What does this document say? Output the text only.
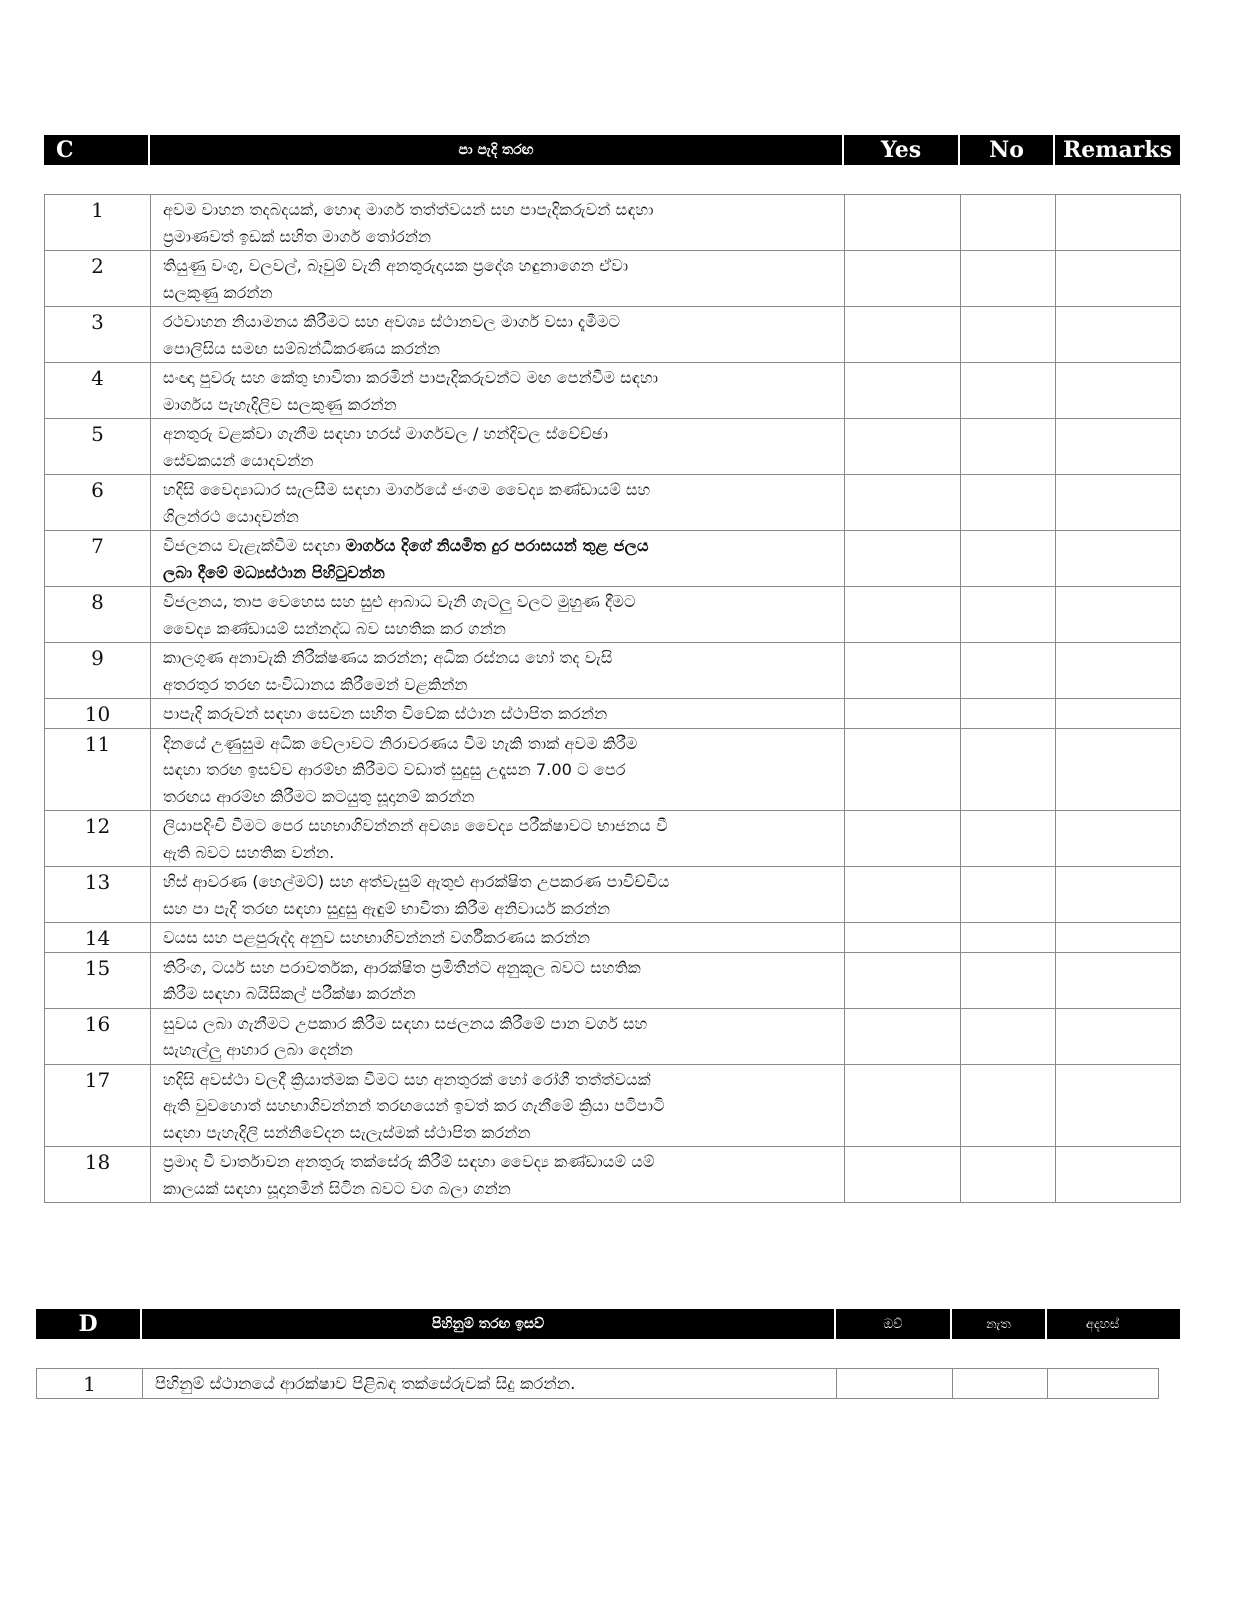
C	පා පැදි තරඟ	Yes	No	Remarks
1	අවම වාහන තදබදයක්, හොඳ මාර්ග තත්ත්වයන් සහ පාපැදිකරුවන් සඳහා
ප්‍රමාණවත් ඉඩක් සහිත මාර්ග තෝරන්න			

2	තියුණු වංගු, වලවල්, බෑවුම් වැනි අනතුරුදායක ප්‍රදේශ හඳුනාගෙන ඒවා
සලකුණු කරන්න			

3	රථවාහන නියාමනය කිරීමට සහ අවශ්‍ය ස්ථානවල මාර්ග වසා දැමීමට
පොලිසිය සමඟ සම්බන්ධීකරණය කරන්න			

4	සංඥා පුවරු සහ කේතු භාවිතා කරමින් පාපැදිකරුවන්ට මඟ පෙන්වීම සඳහා
මාර්ගය පැහැදිලිව සලකුණු කරන්න			

5	අනතුරු වළක්වා ගැනීම සඳහා හරස් මාර්ගවල / හන්දිවල ස්වේච්ඡා
සේවකයන් යොදවන්න			

6	හදිසි වෛද්‍යාධාර සැලසීම සඳහා මාර්ගයේ ජංගම වෛද්‍ය කණ්ඩායම් සහ
ගිලන්රථ යොදවන්න			

7	විජලනය වැළැක්වීම සඳහා මාර්ගය දිගේ නියමිත දුර පරාසයන් තුළ ජලය
ලබා දීමේ මධ්‍යස්ථාන පිහිටුවන්න			

8	විජලනය, තාප වෙහෙස සහ සුළු ආබාධ වැනි ගැටලු වලට මුහුණ දීමට
වෛද්‍ය කණ්ඩායම් සන්නද්ධ බව සහතික කර ගන්න			

9	කාලගුණ අනාවැකි නිරීක්ෂණය කරන්න; අධික රස්නය හෝ තද වැසි
අතරතුර තරඟ සංවිධානය කිරීමෙන් වළකින්න			

10	පාපැදි කරුවන් සඳහා සෙවන සහිත විවේක ස්ථාන ස්ථාපිත කරන්න			

11	දිනයේ උණුසුම අධික වේලාවට නිරාවරණය වීම හැකි තාක් අවම කිරීම
සඳහා තරඟ ඉසව්ව ආරම්භ කිරීමට වඩාත් සුදුසු උදෑසන 7.00 ට පෙර
තරඟය ආරම්භ කිරීමට කටයුතු සූදානම් කරන්න			

12	ලියාපදිංචි වීමට පෙර සහභාගිවන්නන් අවශ්‍ය වෛද්‍ය පරීක්ෂාවට භාජනය වී
ඇති බවට සහතික වන්න.			

13	හිස් ආවරණ (හෙල්මට්) සහ අත්වැසුම් ඇතුළු ආරක්ෂිත උපකරණ පාවිච්චිය
සහ පා පැදි තරඟ සඳහා සුදුසු ඇඳුම් භාවිතා කිරීම අනිවාර්ය කරන්න			

14	වයස සහ පළපුරුද්ද අනුව සහභාගිවන්නන් වර්ගීකරණය කරන්න			

15	තිරිංග, ටයර් සහ පරාවර්තක, ආරක්ෂිත ප්‍රමිතීන්ට අනුකූල බවට සහතික
කිරීම සඳහා බයිසිකල් පරීක්ෂා කරන්න			

16	සුවය ලබා ගැනීමට උපකාර කිරීම සඳහා සජලනය කිරීමේ පාන වර්ග සහ
සැහැල්ලු ආහාර ලබා දෙන්න			

17	හදිසි අවස්ථා වලදී ක්‍රියාත්මක වීමට සහ අනතුරක් හෝ රෝගී තත්ත්වයක්
ඇති වුවහොත් සහභාගිවන්නන් තරඟයෙන් ඉවත් කර ගැනීමේ ක්‍රියා පටිපාටි
සඳහා පැහැදිලි සන්නිවේදන සැලැස්මක් ස්ථාපිත කරන්න			

18	ප්‍රමාද වී වාර්තාවන අනතුරු තක්සේරු කිරීම් සඳහා වෛද්‍ය කණ්ඩායම් යම්
කාලයක් සඳහා සූදානමින් සිටින බවට වග බලා ගන්න			

D	පිහිනුම් තරඟ ඉසව්	ඔව්	නැත	අදහස්
1	පිහිනුම් ස්ථානයේ ආරක්ෂාව පිළිබඳ තක්සේරුවක් සිදු කරන්න.
